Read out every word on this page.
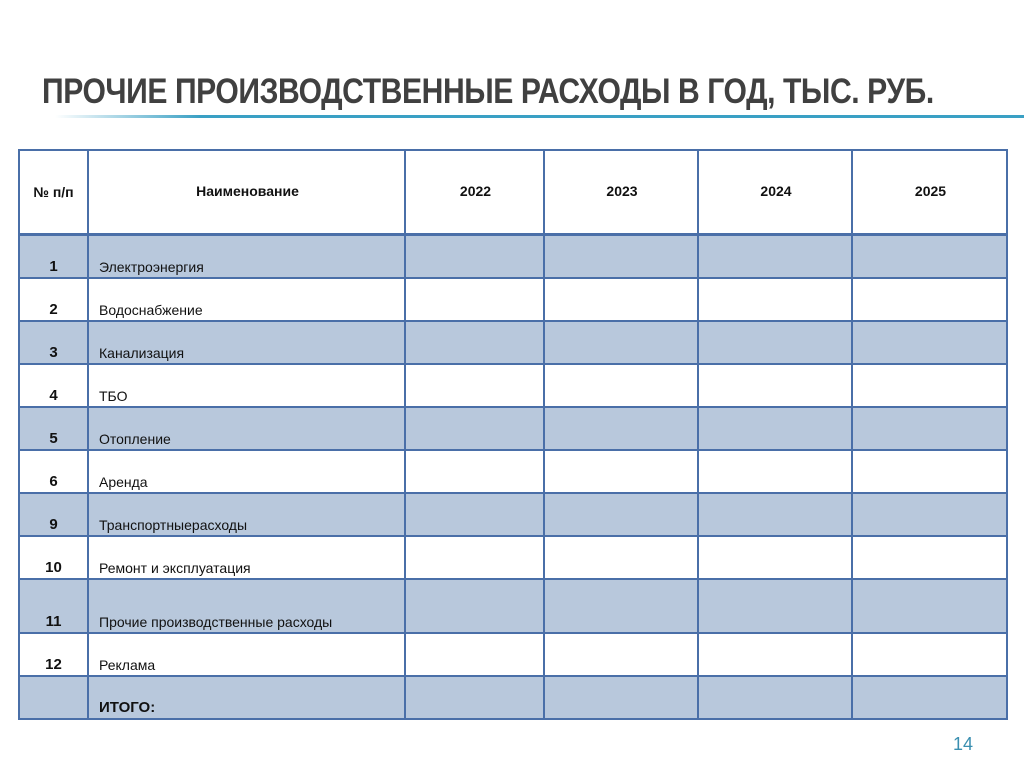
ПРОЧИЕ ПРОИЗВОДСТВЕННЫЕ РАСХОДЫ В ГОД, ТЫС. РУБ.
№ п/п	Наименование	2022	2023	2024	2025
1	Электроэнергия				
2	Водоснабжение				
3	Канализация				
4	ТБО				
5	Отопление				
6	Аренда				
9	Транспортныерасходы				
10	Ремонт и эксплуатация				
11	Прочие производственные расходы				
12	Реклама				
	ИТОГО:				
14
